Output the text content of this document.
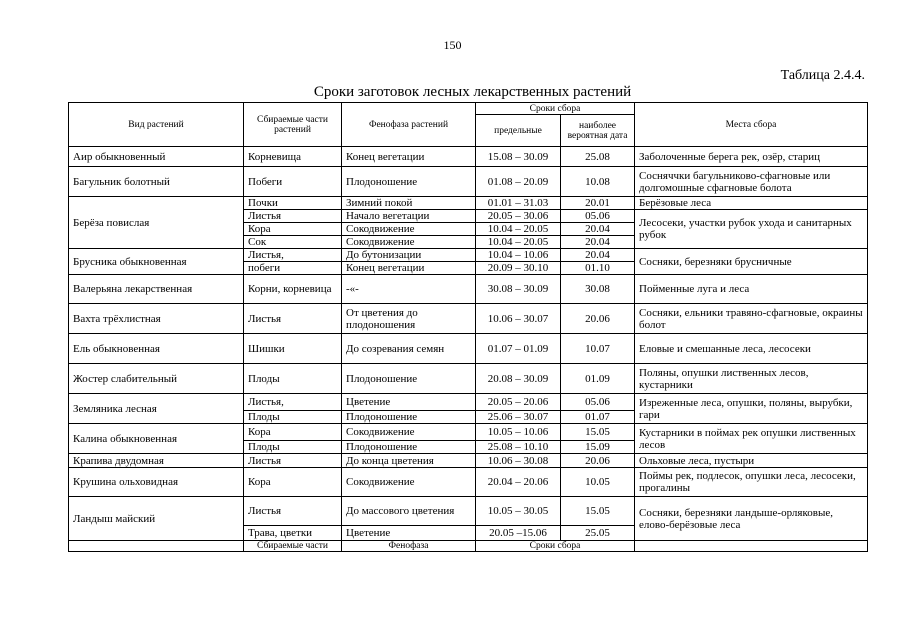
150
Таблица 2.4.4.
Сроки заготовок лесных лекарственных растений
Вид растений	Сбираемые части растений	Фенофаза растений	Сроки сбора		Места сбора
			предельные	наиболее вероятная дата	
Аир обыкновенный	Корневища	Конец вегетации	15.08 – 30.09	25.08	Заболоченные берега рек, озёр, стариц
Багульник болотный	Побеги	Плодоношение	01.08 – 20.09	10.08	Сосняччки багульниково-сфагновые или долгомошные сфагновые болота
Берёза повислая	Почки	Зимний покой	01.01 – 31.03	20.01	Берёзовые леса
	Листья	Начало вегетации	20.05 – 30.06	05.06	Лесосеки, участки рубок ухода и санитарных рубок
	Кора	Сокодвижение	10.04 – 20.05	20.04	
	Сок	Сокодвижение	10.04 – 20.05	20.04	
Брусника обыкновенная	Листья,	До бутонизации	10.04 – 10.06	20.04	Сосняки, березняки брусничные
	побеги	Конец вегетации	20.09 – 30.10	01.10	
Валерьяна лекарственная	Корни, корневица	-«-	30.08 – 30.09	30.08	Пойменные луга и леса
Вахта трёхлистная	Листья	От цветения до плодоношения	10.06 – 30.07	20.06	Сосняки, ельники травяно-сфагновые, окраины болот
Ель обыкновенная	Шишки	До созревания семян	01.07 – 01.09	10.07	Еловые и смешанные леса, лесосеки
Жостер слабительный	Плоды	Плодоношение	20.08 – 30.09	01.09	Поляны, опушки лиственных лесов, кустарники
Земляника лесная	Листья,	Цветение	20.05 – 20.06	05.06	Изреженные леса, опушки, поляны, вырубки, гари
	Плоды	Плодоношение	25.06 – 30.07	01.07	
Калина обыкновенная	Кора	Сокодвижение	10.05 – 10.06	15.05	Кустарники в поймах рек опушки лиственных лесов
	Плоды	Плодоношение	25.08 – 10.10	15.09	
Крапива двудомная	Листья	До конца цветения	10.06 – 30.08	20.06	Ольховые леса, пустыри
Крушина ольховидная	Кора	Сокодвижение	20.04 – 20.06	10.05	Поймы рек, подлесок, опушки леса, лесосеки, прогалины
Ландыш майский	Листья	До массового цветения	10.05 – 30.05	15.05	Сосняки, березняки ландыше-орляковые, елово-берёзовые леса
	Трава, цветки	Цветение	20.05 –15.06	25.05	
	Сбираемые части	Фенофаза	Сроки сбора		
